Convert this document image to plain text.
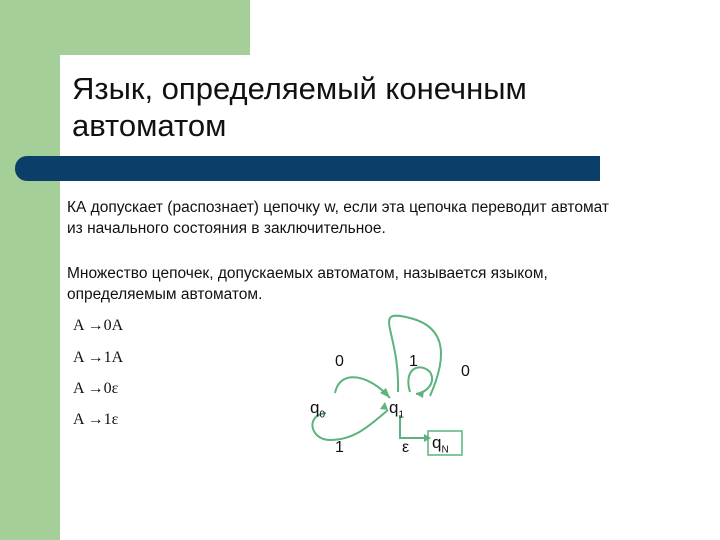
Язык, определяемый конечным
автоматом

КА допускает (распознает) цепочку w, если эта цепочка переводит автомат
из начального состояния в заключительное.

Множество цепочек, допускаемых автоматом, называется языком,
определяемым автоматом.

A →0A
A →1A
A →0ε
A →1ε
0
1
1
0
ε
$q_0$	$q_1$
$q_N$
